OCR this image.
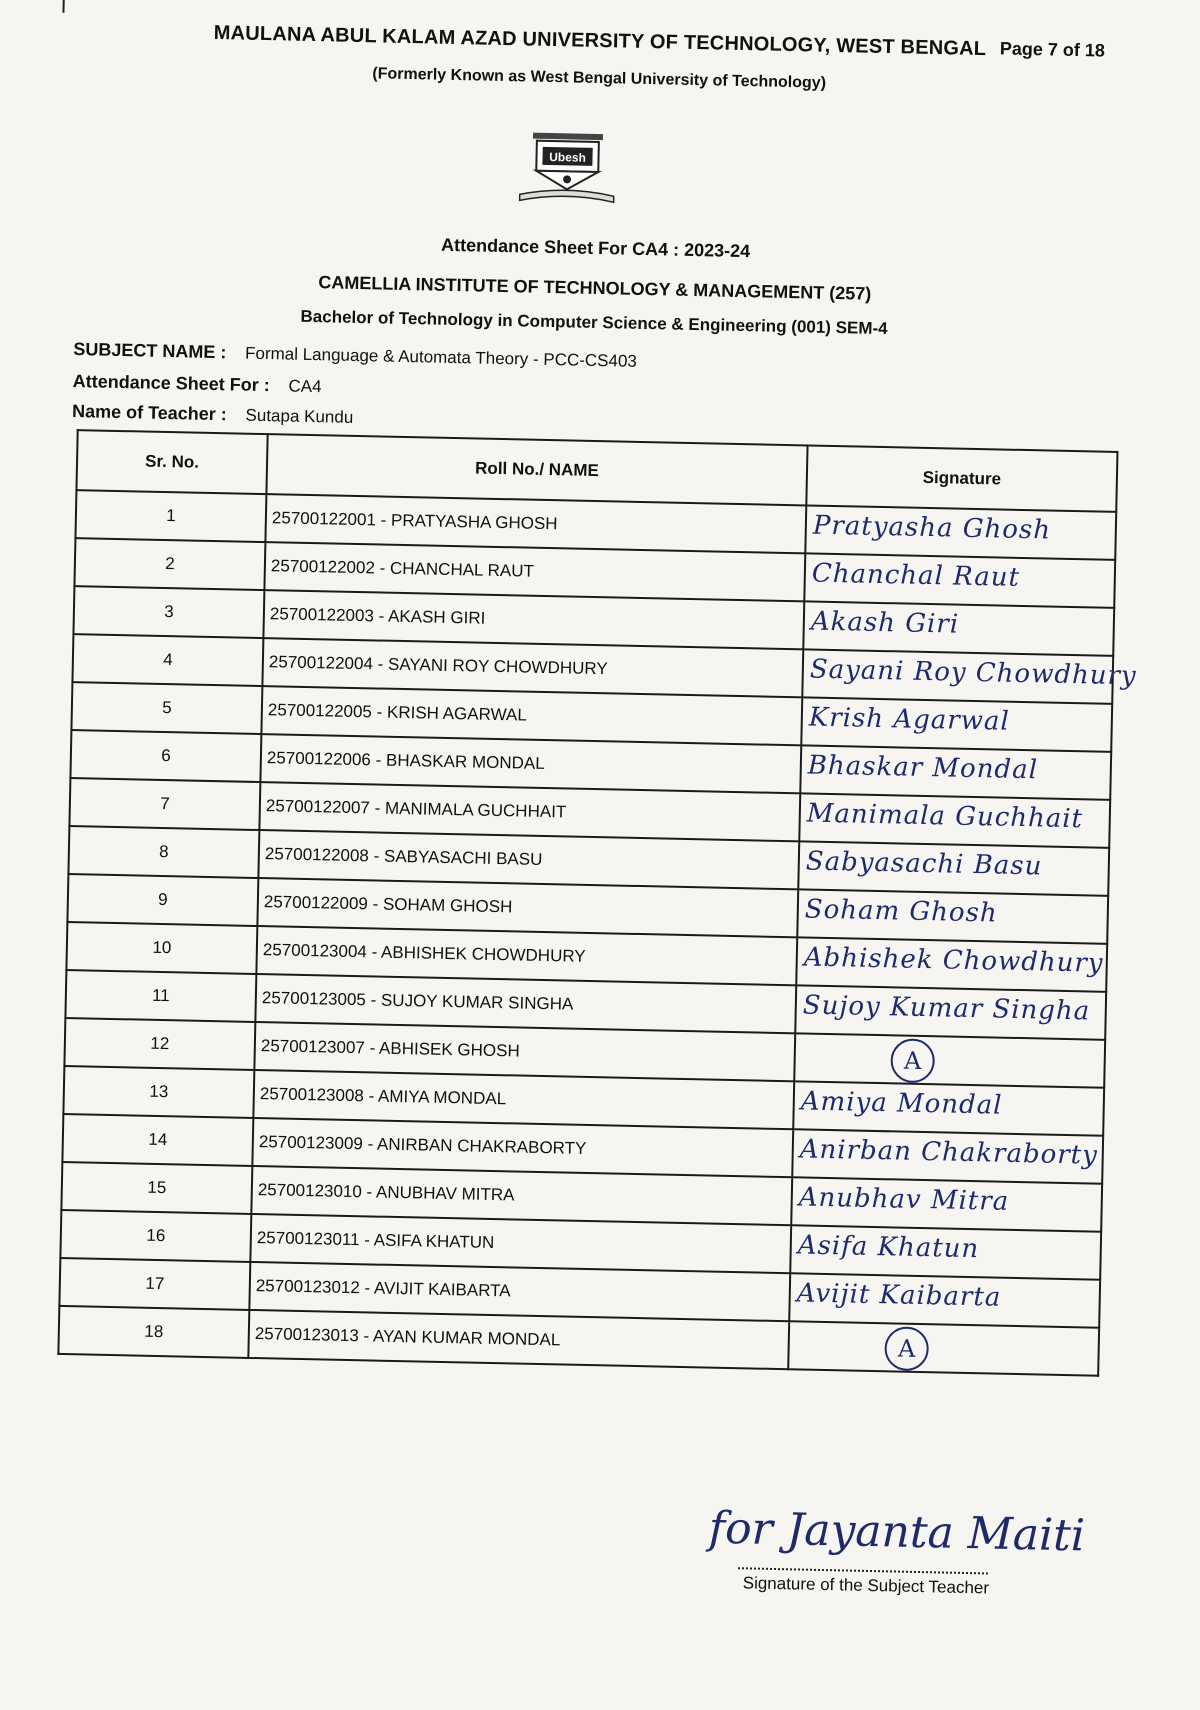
Page 7 of 18
MAULANA ABUL KALAM AZAD UNIVERSITY OF TECHNOLOGY, WEST BENGAL
(Formerly Known as West Bengal University of Technology)
Ubesh
Attendance Sheet For CA4 : 2023-24
CAMELLIA INSTITUTE OF TECHNOLOGY & MANAGEMENT (257)
Bachelor of Technology in Computer Science & Engineering (001) SEM-4
SUBJECT NAME : Formal Language & Automata Theory - PCC-CS403
Attendance Sheet For : CA4
Name of Teacher : Sutapa Kundu
Sr. No.	Roll No./ NAME	Signature
1	25700122001 - PRATYASHA GHOSH	Pratyasha Ghosh

2	25700122002 - CHANCHAL RAUT	Chanchal Raut

3	25700122003 - AKASH GIRI	Akash Giri

4	25700122004 - SAYANI ROY CHOWDHURY	Sayani Roy Chowdhury

5	25700122005 - KRISH AGARWAL	Krish Agarwal

6	25700122006 - BHASKAR MONDAL	Bhaskar Mondal

7	25700122007 - MANIMALA GUCHHAIT	Manimala Guchhait

8	25700122008 - SABYASACHI BASU	Sabyasachi Basu

9	25700122009 - SOHAM GHOSH	Soham Ghosh

10	25700123004 - ABHISHEK CHOWDHURY	Abhishek Chowdhury

11	25700123005 - SUJOY KUMAR SINGHA	Sujoy Kumar Singha

12	25700123007 - ABHISEK GHOSH	A

13	25700123008 - AMIYA MONDAL	Amiya Mondal

14	25700123009 - ANIRBAN CHAKRABORTY	Anirban Chakraborty

15	25700123010 - ANUBHAV MITRA	Anubhav Mitra

16	25700123011 - ASIFA KHATUN	Asifa Khatun

17	25700123012 - AVIJIT KAIBARTA	Avijit Kaibarta

18	25700123013 - AYAN KUMAR MONDAL	A
for Jayanta Maiti
Signature of the Subject Teacher
